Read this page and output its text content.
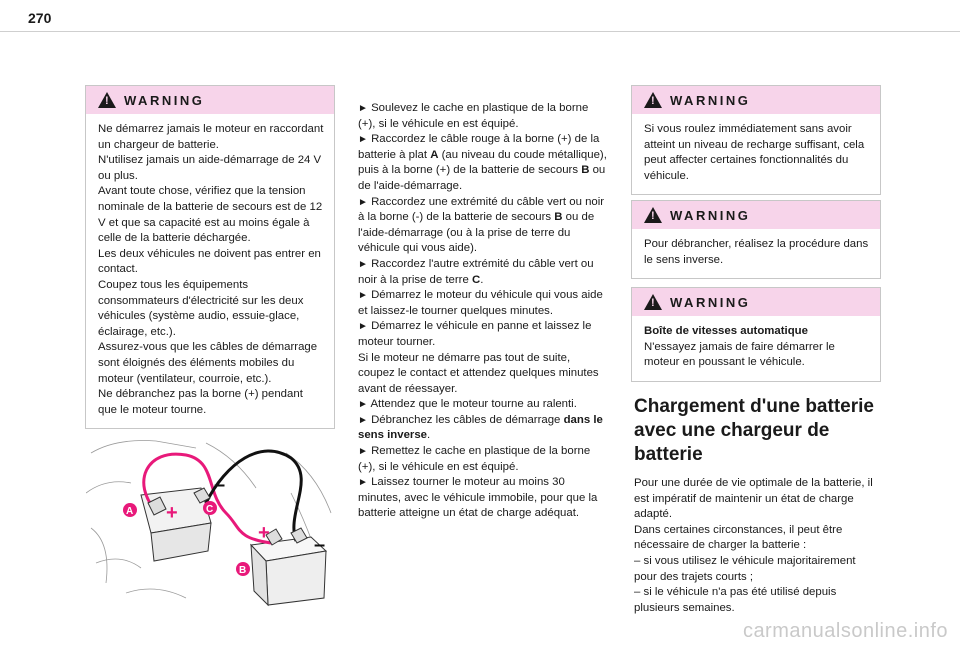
270
! WARNING

Ne démarrez jamais le moteur en raccordant un chargeur de batterie.

N'utilisez jamais un aide-démarrage de 24 V ou plus.

Avant toute chose, vérifiez que la tension nominale de la batterie de secours est de 12 V et que sa capacité est au moins égale à celle de la batterie déchargée.

Les deux véhicules ne doivent pas entrer en contact.

Coupez tous les équipements consommateurs d'électricité sur les deux véhicules (système audio, essuie-glace, éclairage, etc.).

Assurez-vous que les câbles de démarrage sont éloignés des éléments mobiles du moteur (ventilateur, courroie, etc.).

Ne débranchez pas la borne (+) pendant que le moteur tourne.

+
+
–
–
A	C
B

► Soulevez le cache en plastique de la borne (+), si le véhicule en est équipé.

► Raccordez le câble rouge à la borne (+) de la batterie à plat A (au niveau du coude métallique), puis à la borne (+) de la batterie de secours B ou de l'aide-démarrage.

► Raccordez une extrémité du câble vert ou noir à la borne (-) de la batterie de secours B ou de l'aide-démarrage (ou à la prise de terre du véhicule qui vous aide).

► Raccordez l'autre extrémité du câble vert ou noir à la prise de terre C.

► Démarrez le moteur du véhicule qui vous aide et laissez-le tourner quelques minutes.

► Démarrez le véhicule en panne et laissez le moteur tourner.

Si le moteur ne démarre pas tout de suite, coupez le contact et attendez quelques minutes avant de réessayer.

► Attendez que le moteur tourne au ralenti.

► Débranchez les câbles de démarrage dans le sens inverse.

► Remettez le cache en plastique de la borne (+), si le véhicule en est équipé.

► Laissez tourner le moteur au moins 30 minutes, avec le véhicule immobile, pour que la batterie atteigne un état de charge adéquat.

! WARNING

Si vous roulez immédiatement sans avoir atteint un niveau de recharge suffisant, cela peut affecter certaines fonctionnalités du véhicule.

! WARNING

Pour débrancher, réalisez la procédure dans le sens inverse.

! WARNING

Boîte de vitesses automatique

N'essayez jamais de faire démarrer le moteur en poussant le véhicule.

Chargement d'une batterie avec une chargeur de batterie

Pour une durée de vie optimale de la batterie, il est impératif de maintenir un état de charge adapté.

Dans certaines circonstances, il peut être nécessaire de charger la batterie :

– si vous utilisez le véhicule majoritairement pour des trajets courts ;

– si le véhicule n'a pas été utilisé depuis plusieurs semaines.

carmanualsonline.info
